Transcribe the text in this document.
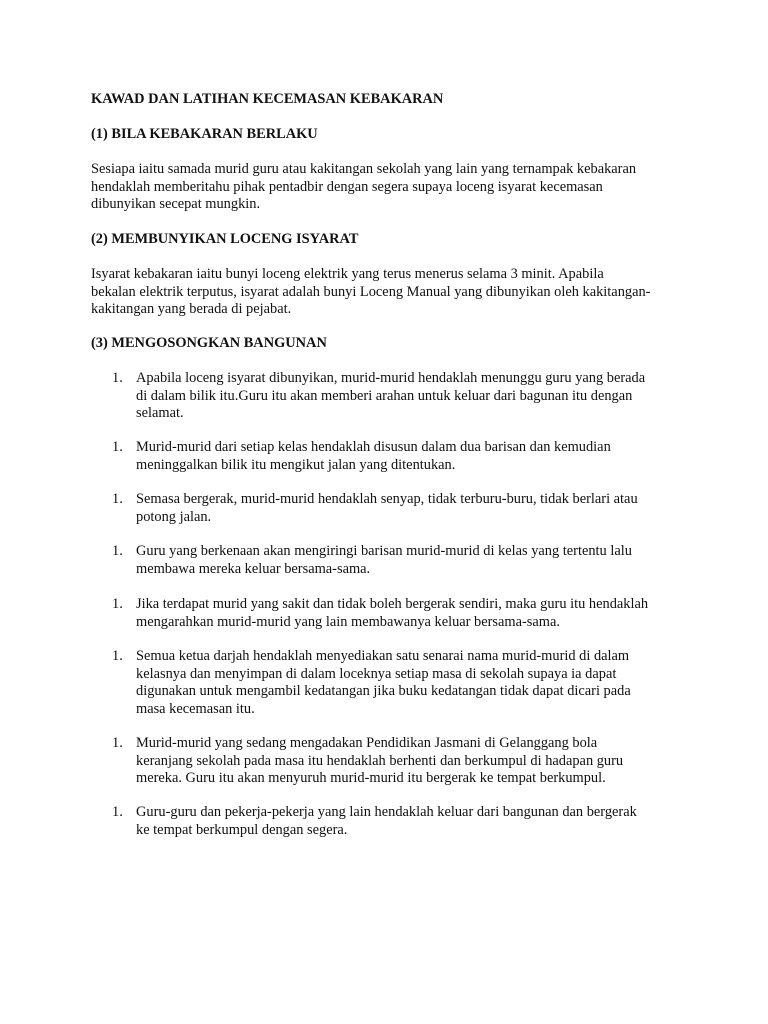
KAWAD DAN LATIHAN KECEMASAN KEBAKARAN
(1) BILA KEBAKARAN BERLAKU
Sesiapa iaitu samada murid guru atau kakitangan sekolah yang lain yang ternampak kebakaran
hendaklah memberitahu pihak pentadbir dengan segera supaya loceng isyarat kecemasan
dibunyikan secepat mungkin.
(2) MEMBUNYIKAN LOCENG ISYARAT
Isyarat kebakaran iaitu bunyi loceng elektrik yang terus menerus selama 3 minit. Apabila
bekalan elektrik terputus, isyarat adalah bunyi Loceng Manual yang dibunyikan oleh kakitangan-
kakitangan yang berada di pejabat.
(3) MENGOSONGKAN BANGUNAN
1. Apabila loceng isyarat dibunyikan, murid-murid hendaklah menunggu guru yang berada
di dalam bilik itu.Guru itu akan memberi arahan untuk keluar dari bagunan itu dengan
selamat.
1. Murid-murid dari setiap kelas hendaklah disusun dalam dua barisan dan kemudian
meninggalkan bilik itu mengikut jalan yang ditentukan.
1. Semasa bergerak, murid-murid hendaklah senyap, tidak terburu-buru, tidak berlari atau
potong jalan.
1. Guru yang berkenaan akan mengiringi barisan murid-murid di kelas yang tertentu lalu
membawa mereka keluar bersama-sama.
1. Jika terdapat murid yang sakit dan tidak boleh bergerak sendiri, maka guru itu hendaklah
mengarahkan murid-murid yang lain membawanya keluar bersama-sama.
1. Semua ketua darjah hendaklah menyediakan satu senarai nama murid-murid di dalam
kelasnya dan menyimpan di dalam loceknya setiap masa di sekolah supaya ia dapat
digunakan untuk mengambil kedatangan jika buku kedatangan tidak dapat dicari pada
masa kecemasan itu.
1. Murid-murid yang sedang mengadakan Pendidikan Jasmani di Gelanggang bola
keranjang sekolah pada masa itu hendaklah berhenti dan berkumpul di hadapan guru
mereka. Guru itu akan menyuruh murid-murid itu bergerak ke tempat berkumpul.
1. Guru-guru dan pekerja-pekerja yang lain hendaklah keluar dari bangunan dan bergerak
ke tempat berkumpul dengan segera.
